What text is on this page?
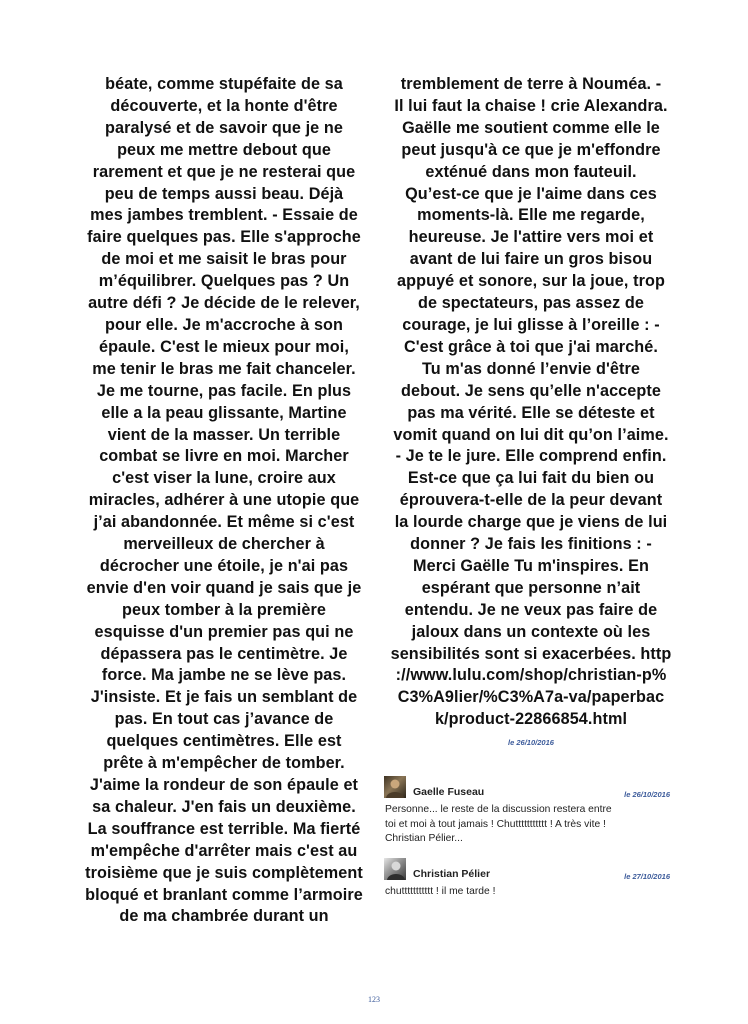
béate, comme stupéfaite de sa
découverte, et la honte d'être
paralysé et de savoir que je ne
peux me mettre debout que
rarement et que je ne resterai que
peu de temps aussi beau. Déjà
mes jambes tremblent. - Essaie de
faire quelques pas. Elle s'approche
de moi et me saisit le bras pour
m’équilibrer. Quelques pas ? Un
autre défi ? Je décide de le relever,
pour elle. Je m'accroche à son
épaule. C'est le mieux pour moi,
me tenir le bras me fait chanceler.
Je me tourne, pas facile. En plus
elle a la peau glissante, Martine
vient de la masser. Un terrible
combat se livre en moi. Marcher
c'est viser la lune, croire aux
miracles, adhérer à une utopie que
j’ai abandonnée. Et même si c'est
merveilleux de chercher à
décrocher une étoile, je n'ai pas
envie d'en voir quand je sais que je
peux tomber à la première
esquisse d'un premier pas qui ne
dépassera pas le centimètre. Je
force. Ma jambe ne se lève pas.
J'insiste. Et je fais un semblant de
pas. En tout cas j’avance de
quelques centimètres. Elle est
prête à m'empêcher de tomber.
J'aime la rondeur de son épaule et
sa chaleur. J'en fais un deuxième.
La souffrance est terrible. Ma fierté
m'empêche d'arrêter mais c'est au
troisième que je suis complètement
bloqué et branlant comme l’armoire
de ma chambrée durant un

tremblement de terre à Nouméa. -
Il lui faut la chaise ! crie Alexandra.
Gaëlle me soutient comme elle le
peut jusqu'à ce que je m'effondre
exténué dans mon fauteuil.
Qu’est-ce que je l'aime dans ces
moments-là. Elle me regarde,
heureuse. Je l'attire vers moi et
avant de lui faire un gros bisou
appuyé et sonore, sur la joue, trop
de spectateurs, pas assez de
courage, je lui glisse à l’oreille : -
C'est grâce à toi que j'ai marché.
Tu m'as donné l’envie d'être
debout. Je sens qu’elle n'accepte
pas ma vérité. Elle se déteste et
vomit quand on lui dit qu’on l’aime.
- Je te le jure. Elle comprend enfin.
Est-ce que ça lui fait du bien ou
éprouvera-t-elle de la peur devant
la lourde charge que je viens de lui
donner ? Je fais les finitions : -
Merci Gaëlle Tu m'inspires. En
espérant que personne n’ait
entendu. Je ne veux pas faire de
jaloux dans un contexte où les
sensibilités sont si exacerbées. http
://www.lulu.com/shop/christian-p%
C3%A9lier/%C3%A7a-va/paperbac
k/product-22866854.html

le 26/10/2016
Gaelle Fuseau	le 26/10/2016
Personne... le reste de la discussion restera entre
toi et moi à tout jamais ! Chuttttttttttt ! A très vite !
Christian Pélier...
Christian Pélier	le 27/10/2016
chuttttttttttt ! il me tarde !
123
